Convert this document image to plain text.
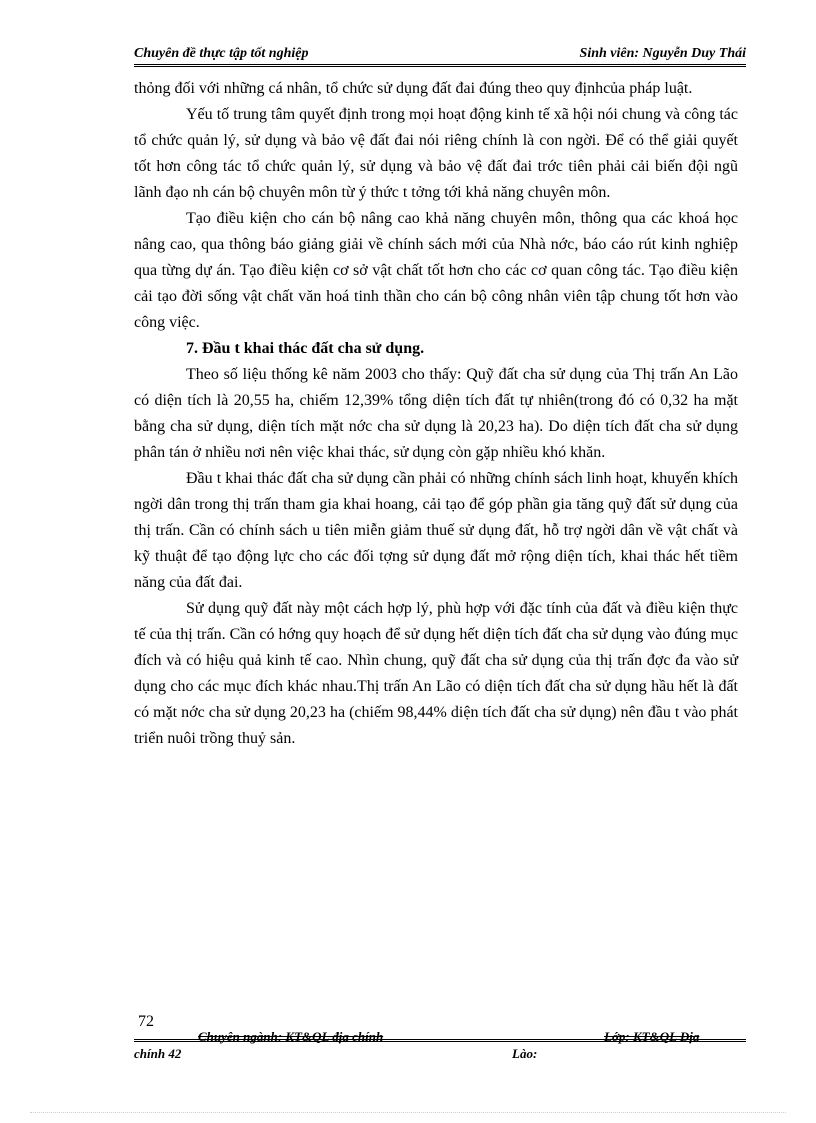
Chuyên đề thực tập tốt nghiệp	Sinh viên: Nguyễn Duy Thái

thỏng đối với những cá nhân, tổ chức sử dụng đất đai đúng theo quy địnhcủa pháp luật.

Yếu tố trung tâm quyết định trong mọi hoạt động kinh tế xã hội nói chung và công tác tổ chức quản lý, sử dụng và bảo vệ đất đai nói riêng chính là con ngời. Để có thể giải quyết tốt hơn công tác tổ chức quản lý, sử dụng và bảo vệ đất đai trớc tiên phải cải biến đội ngũ lãnh đạo nh cán bộ chuyên môn từ ý thức t tởng tới khả năng chuyên môn.

Tạo điều kiện cho cán bộ nâng cao khả năng chuyên môn, thông qua các khoá học nâng cao, qua thông báo giảng giải về chính sách mới của Nhà nớc, báo cáo rút kinh nghiệp qua từng dự án. Tạo điều kiện cơ sở vật chất tốt hơn cho các cơ quan công tác. Tạo điều kiện cải tạo đời sống vật chất văn hoá tinh thần cho cán bộ công nhân viên tập chung tốt hơn vào công việc.

7. Đầu t khai thác đất cha sử dụng.

Theo số liệu thống kê năm 2003 cho thấy: Quỹ đất cha sử dụng của Thị trấn An Lão có diện tích là 20,55 ha, chiếm 12,39% tổng diện tích đất tự nhiên(trong đó có 0,32 ha mặt bằng cha sử dụng, diện tích mặt nớc cha sử dụng là 20,23 ha). Do diện tích đất cha sử dụng phân tán ở nhiều nơi nên việc khai thác, sử dụng còn gặp nhiều khó khăn.

Đầu t khai thác đất cha sử dụng cần phải có những chính sách linh hoạt, khuyến khích ngời dân trong thị trấn tham gia khai hoang, cải tạo để góp phần gia tăng quỹ đất sử dụng của thị trấn. Cần có chính sách u tiên miễn giảm thuế sử dụng đất, hỗ trợ ngời dân về vật chất và kỹ thuật để tạo động lực cho các đối tợng sử dụng đất mở rộng diện tích, khai thác hết tiềm năng của đất đai.

Sử dụng quỹ đất này một cách hợp lý, phù hợp với đặc tính của đất và điều kiện thực tế của thị trấn. Cần có hớng quy hoạch để sử dụng hết diện tích đất cha sử dụng vào đúng mục đích và có hiệu quả kinh tế cao. Nhìn chung, quỹ đất cha sử dụng của thị trấn đợc đa vào sử dụng cho các mục đích khác nhau.Thị trấn An Lão có diện tích đất cha sử dụng hầu hết là đất có mặt nớc cha sử dụng 20,23 ha (chiếm 98,44% diện tích đất cha sử dụng) nên đầu t vào phát triển nuôi trồng thuỷ sản.

72
Chuyên ngành: KT&QL địa chính	Lớp: KT&QL Địa
chính 42	Lào:
